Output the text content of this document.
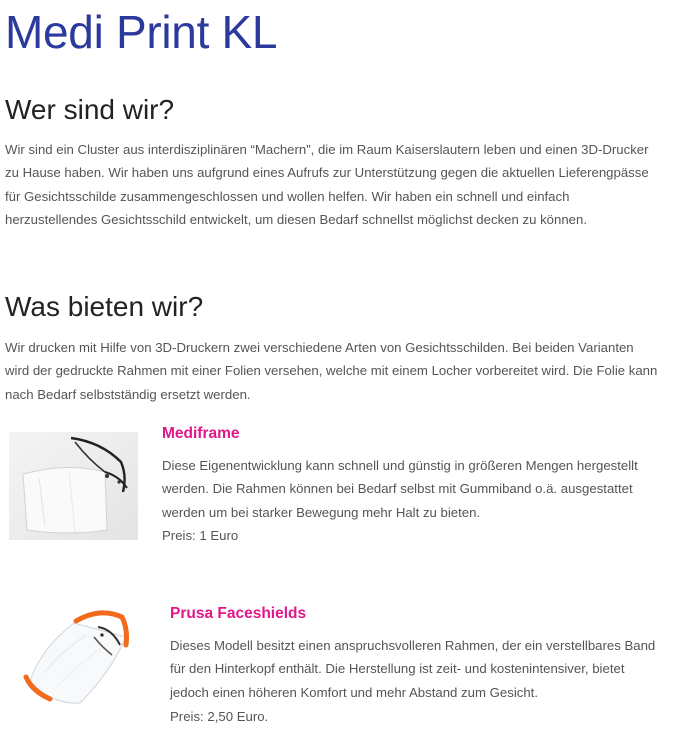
Medi Print KL
Wer sind wir?

Wir sind ein Cluster aus interdisziplinären “Machern”, die im Raum Kaiserslautern leben und einen 3D-Drucker zu Hause haben. Wir haben uns aufgrund eines Aufrufs zur Unterstützung gegen die aktuellen Lieferengpässe für Gesichtsschilde zusammengeschlossen und wollen helfen. Wir haben ein schnell und einfach herzustellendes Gesichtsschild entwickelt, um diesen Bedarf schnellst möglichst decken zu können.

Was bieten wir?

Wir drucken mit Hilfe von 3D-Druckern zwei verschiedene Arten von Gesichtsschilden. Bei beiden Varianten wird der gedruckte Rahmen mit einer Folien versehen, welche mit einem Locher vorbereitet wird. Die Folie kann nach Bedarf selbstständig ersetzt werden.

Mediframe

Diese Eigenentwicklung kann schnell und günstig in größeren Mengen hergestellt werden. Die Rahmen können bei Bedarf selbst mit Gummiband o.ä. ausgestattet werden um bei starker Bewegung mehr Halt zu bieten.

Preis: 1 Euro

Prusa Faceshields

Dieses Modell besitzt einen anspruchsvolleren Rahmen, der ein verstellbares Band für den Hinterkopf enthält. Die Herstellung ist zeit- und kostenintensiver, bietet jedoch einen höheren Komfort und mehr Abstand zum Gesicht.

Preis: 2,50 Euro.
